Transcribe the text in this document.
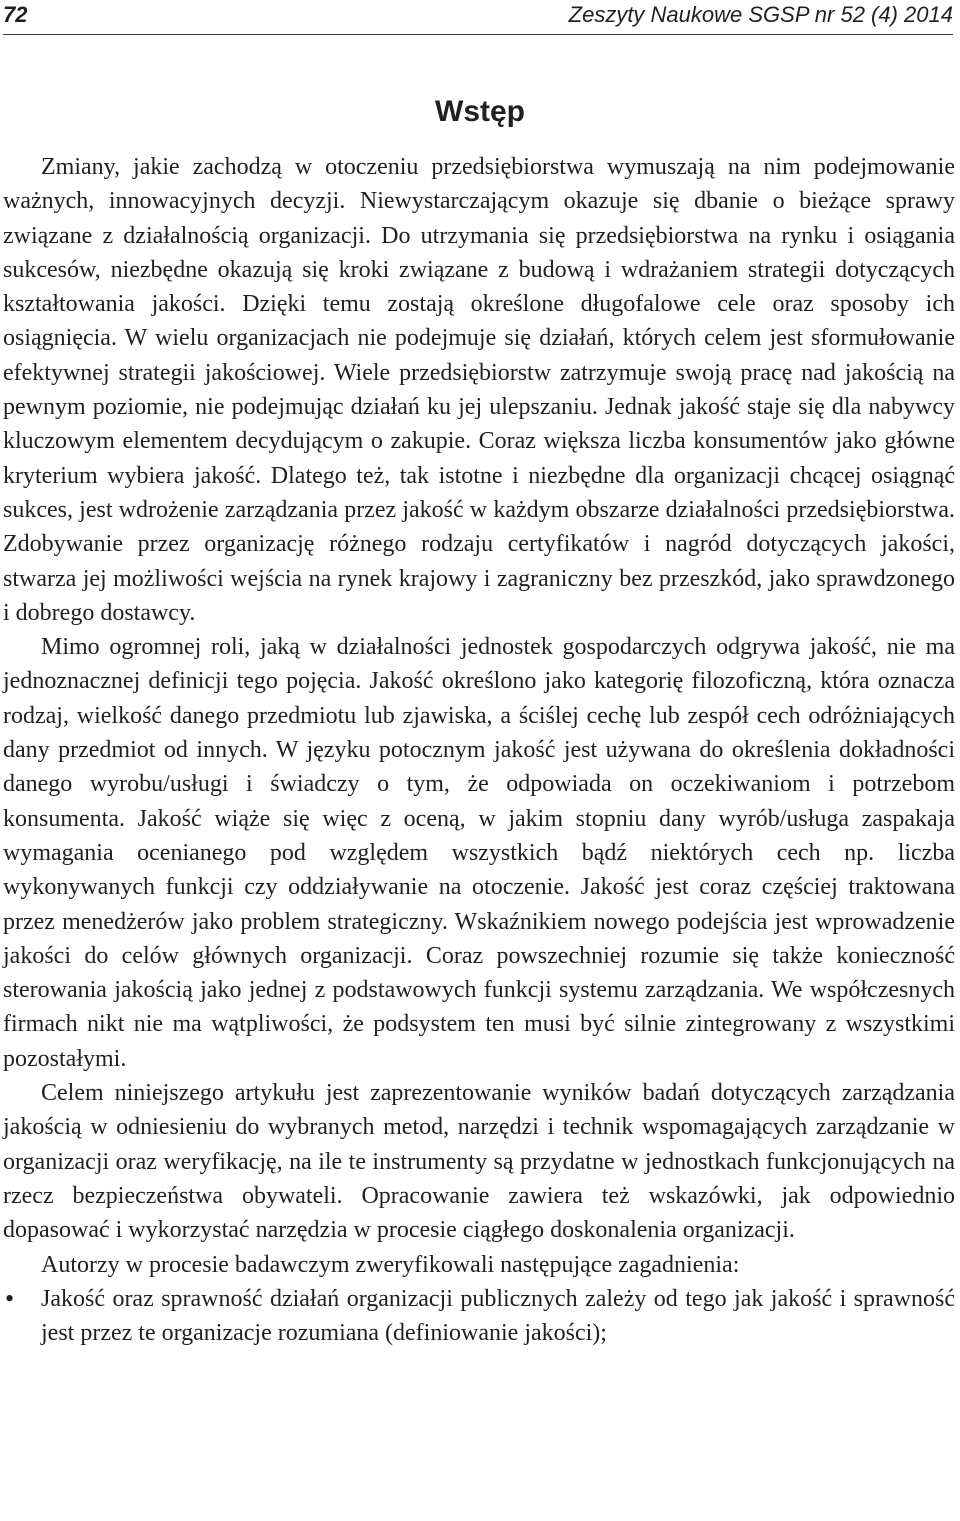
72	Zeszyty Naukowe SGSP nr 52 (4) 2014
Wstęp

Zmiany, jakie zachodzą w otoczeniu przedsiębiorstwa wymuszają na nim podejmowanie ważnych, innowacyjnych decyzji. Niewystarczającym okazuje się dbanie o bieżące sprawy związane z działalnością organizacji. Do utrzymania się przedsiębiorstwa na rynku i osiągania sukcesów, niezbędne okazują się kroki związane z budową i wdrażaniem strategii dotyczących kształtowania jakości. Dzięki temu zostają określone długofalowe cele oraz sposoby ich osiągnięcia. W wielu organizacjach nie podejmuje się działań, których celem jest sformułowanie efektywnej strategii jakościowej. Wiele przedsiębiorstw zatrzymuje swoją pracę nad jakością na pewnym poziomie, nie podejmując działań ku jej ulepszaniu. Jednak jakość staje się dla nabywcy kluczowym elementem decydującym o zakupie. Coraz większa liczba konsumentów jako główne kryterium wybiera jakość. Dlatego też, tak istotne i niezbędne dla organizacji chcącej osiągnąć sukces, jest wdrożenie zarządzania przez jakość w każdym obszarze działalności przedsiębiorstwa. Zdobywanie przez organizację różnego rodzaju certyfikatów i nagród dotyczących jakości, stwarza jej możliwości wejścia na rynek krajowy i zagraniczny bez przeszkód, jako sprawdzonego i dobrego dostawcy.

Mimo ogromnej roli, jaką w działalności jednostek gospodarczych odgrywa jakość, nie ma jednoznacznej definicji tego pojęcia. Jakość określono jako kategorię filozoficzną, która oznacza rodzaj, wielkość danego przedmiotu lub zjawiska, a ściślej cechę lub zespół cech odróżniających dany przedmiot od innych. W języku potocznym jakość jest używana do określenia dokładności danego wyrobu/usługi i świadczy o tym, że odpowiada on oczekiwaniom i potrzebom konsumenta. Jakość wiąże się więc z oceną, w jakim stopniu dany wyrób/usługa zaspakaja wymagania ocenianego pod względem wszystkich bądź niektórych cech np. liczba wykonywanych funkcji czy oddziaływanie na otoczenie. Jakość jest coraz częściej traktowana przez menedżerów jako problem strategiczny. Wskaźnikiem nowego podejścia jest wprowadzenie jakości do celów głównych organizacji. Coraz powszechniej rozumie się także konieczność sterowania jakością jako jednej z podstawowych funkcji systemu zarządzania. We współczesnych firmach nikt nie ma wątpliwości, że podsystem ten musi być silnie zintegrowany z wszystkimi pozostałymi.

Celem niniejszego artykułu jest zaprezentowanie wyników badań dotyczących zarządzania jakością w odniesieniu do wybranych metod, narzędzi i technik wspomagających zarządzanie w organizacji oraz weryfikację, na ile te instrumenty są przydatne w jednostkach funkcjonujących na rzecz bezpieczeństwa obywateli. Opracowanie zawiera też wskazówki, jak odpowiednio dopasować i wykorzystać narzędzia w procesie ciągłego doskonalenia organizacji.

Autorzy w procesie badawczym zweryfikowali następujące zagadnienia:

•	Jakość oraz sprawność działań organizacji publicznych zależy od tego jak jakość i sprawność jest przez te organizacje rozumiana (definiowanie jakości);
